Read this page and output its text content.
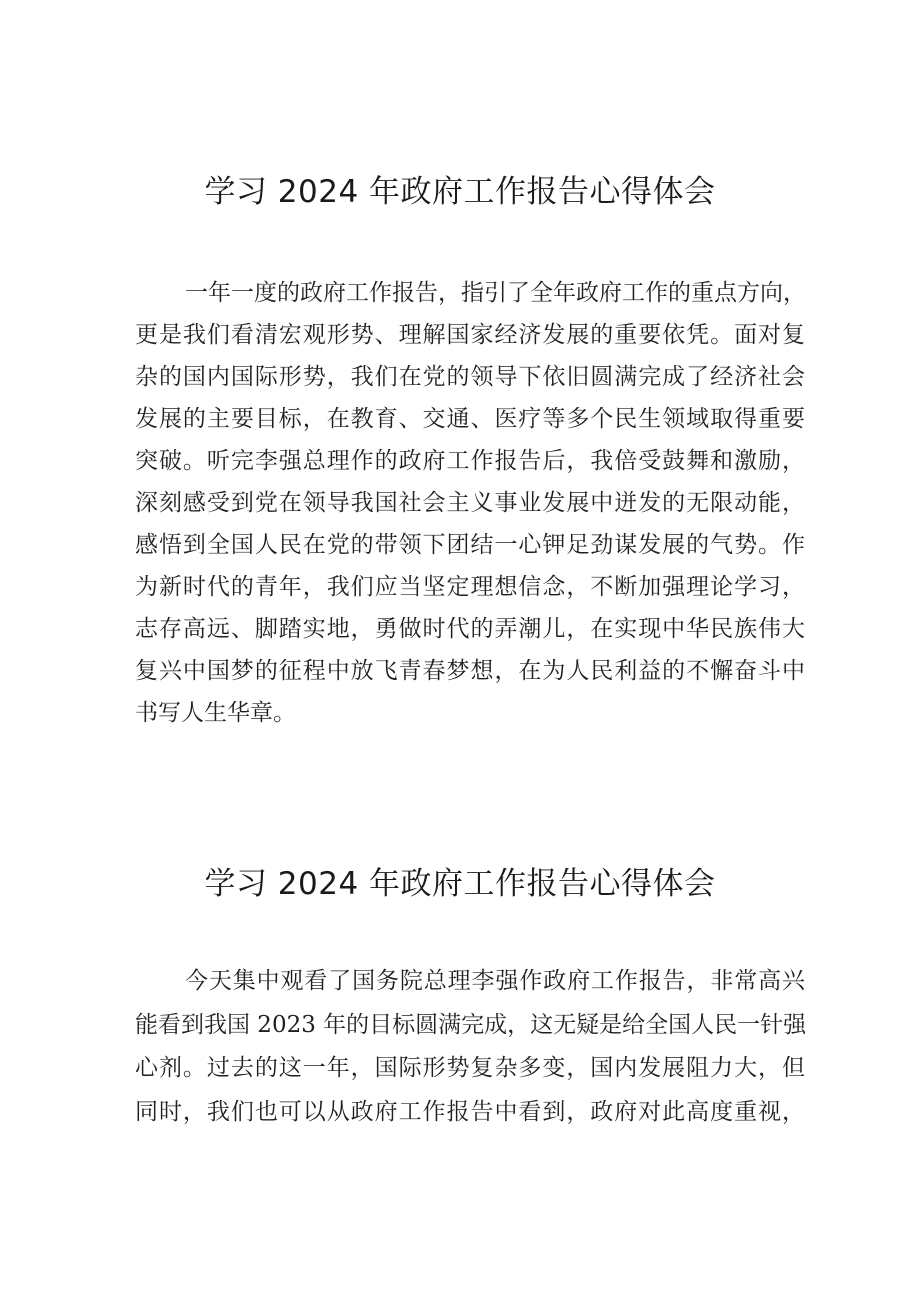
学习 2024 年政府工作报告心得体会
一年一度的政府工作报告，指引了全年政府工作的重点方向，
更是我们看清宏观形势、理解国家经济发展的重要依凭。面对复
杂的国内国际形势，我们在党的领导下依旧圆满完成了经济社会
发展的主要目标，在教育、交通、医疗等多个民生领域取得重要
突破。听完李强总理作的政府工作报告后，我倍受鼓舞和激励，
深刻感受到党在领导我国社会主义事业发展中迸发的无限动能，
感悟到全国人民在党的带领下团结一心钾足劲谋发展的气势。作
为新时代的青年，我们应当坚定理想信念，不断加强理论学习，
志存高远、脚踏实地，勇做时代的弄潮儿，在实现中华民族伟大
复兴中国梦的征程中放飞青春梦想，在为人民利益的不懈奋斗中
书写人生华章。
学习 2024 年政府工作报告心得体会
今天集中观看了国务院总理李强作政府工作报告，非常高兴
能看到我国 2023 年的目标圆满完成，这无疑是给全国人民一针强
心剂。过去的这一年，国际形势复杂多变，国内发展阻力大，但
同时，我们也可以从政府工作报告中看到，政府对此高度重视，
